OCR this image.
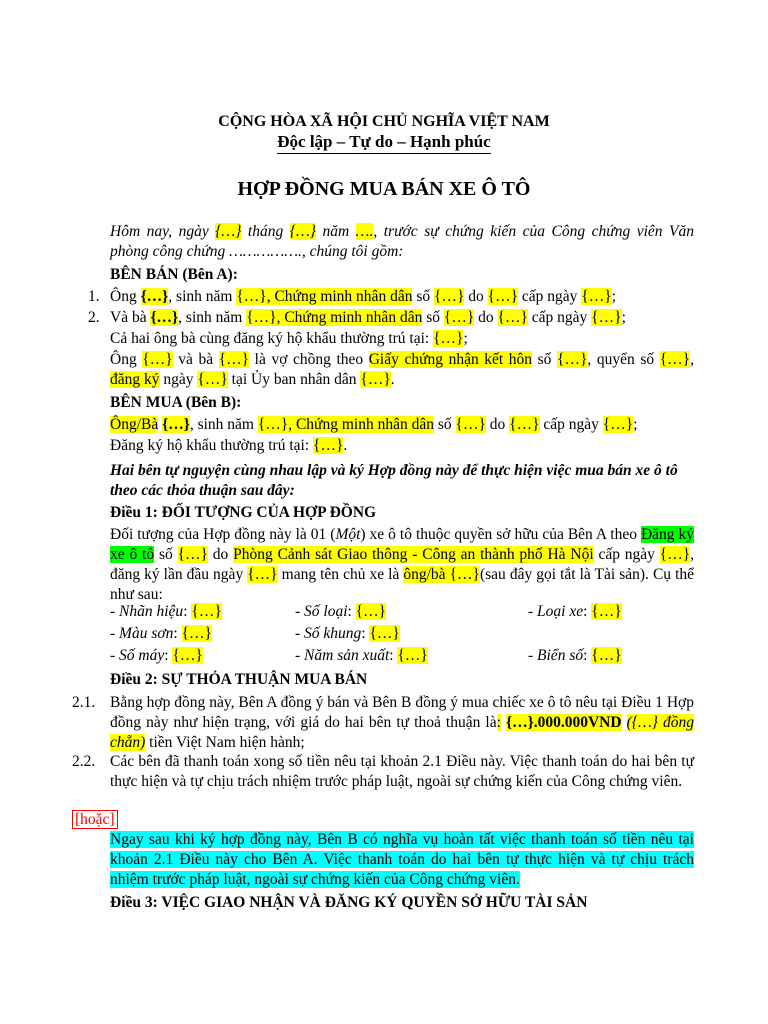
CỘNG HÒA XÃ HỘI CHỦ NGHĨA VIỆT NAM
Độc lập – Tự do – Hạnh phúc
HỢP ĐỒNG MUA BÁN XE Ô TÔ
Hôm nay, ngày {…} tháng {…} năm …., trước sự chứng kiến của Công chứng viên Văn phòng công chứng ……………., chúng tôi gồm:
BÊN BÁN (Bên A):
1. Ông {…}, sinh năm {…}, Chứng minh nhân dân số {…} do {…} cấp ngày {…};
2. Và bà {…}, sinh năm {…}, Chứng minh nhân dân số {…} do {…} cấp ngày {…};
Cả hai ông bà cùng đăng ký hộ khẩu thường trú tại: {…};
Ông {…} và bà {…} là vợ chồng theo Giấy chứng nhận kết hôn số {…}, quyển số {…}, đăng ký ngày {…} tại Ủy ban nhân dân {…}.
BÊN MUA (Bên B):
Ông/Bà {…}, sinh năm {…}, Chứng minh nhân dân số {…} do {…} cấp ngày {…};
Đăng ký hộ khẩu thường trú tại: {…}.
Hai bên tự nguyện cùng nhau lập và ký Hợp đồng này để thực hiện việc mua bán xe ô tô theo các thỏa thuận sau đây:
Điều 1: ĐỐI TƯỢNG CỦA HỢP ĐỒNG
Đối tượng của Hợp đồng này là 01 (Một) xe ô tô thuộc quyền sở hữu của Bên A theo Đăng ký xe ô tô số {…} do Phòng Cảnh sát Giao thông - Công an thành phố Hà Nội cấp ngày {…}, đăng ký lần đầu ngày {…} mang tên chủ xe là ông/bà {…}(sau đây gọi tắt là Tài sản). Cụ thể như sau:
- Nhãn hiệu: {…}	- Số loại: {…}	- Loại xe: {…}
- Màu sơn: {…}	- Số khung: {…}
- Số máy: {…}	- Năm sản xuất: {…}	- Biển số: {…}
Điều 2: SỰ THỎA THUẬN MUA BÁN
2.1. Bằng hợp đồng này, Bên A đồng ý bán và Bên B đồng ý mua chiếc xe ô tô nêu tại Điều 1 Hợp đồng này như hiện trạng, với giá do hai bên tự thoả thuận là: {…}.000.000VND ({…} đồng chẵn) tiền Việt Nam hiện hành;
2.2. Các bên đã thanh toán xong số tiền nêu tại khoản 2.1 Điều này. Việc thanh toán do hai bên tự thực hiện và tự chịu trách nhiệm trước pháp luật, ngoài sự chứng kiến của Công chứng viên.
[hoặc]
Ngay sau khi ký hợp đồng này, Bên B có nghĩa vụ hoàn tất việc thanh toán số tiền nêu tại khoản 2.1 Điều này cho Bên A. Việc thanh toán do hai bên tự thực hiện và tự chịu trách nhiệm trước pháp luật, ngoài sự chứng kiến của Công chứng viên.
Điều 3: VIỆC GIAO NHẬN VÀ ĐĂNG KÝ QUYỀN SỞ HỮU TÀI SẢN
